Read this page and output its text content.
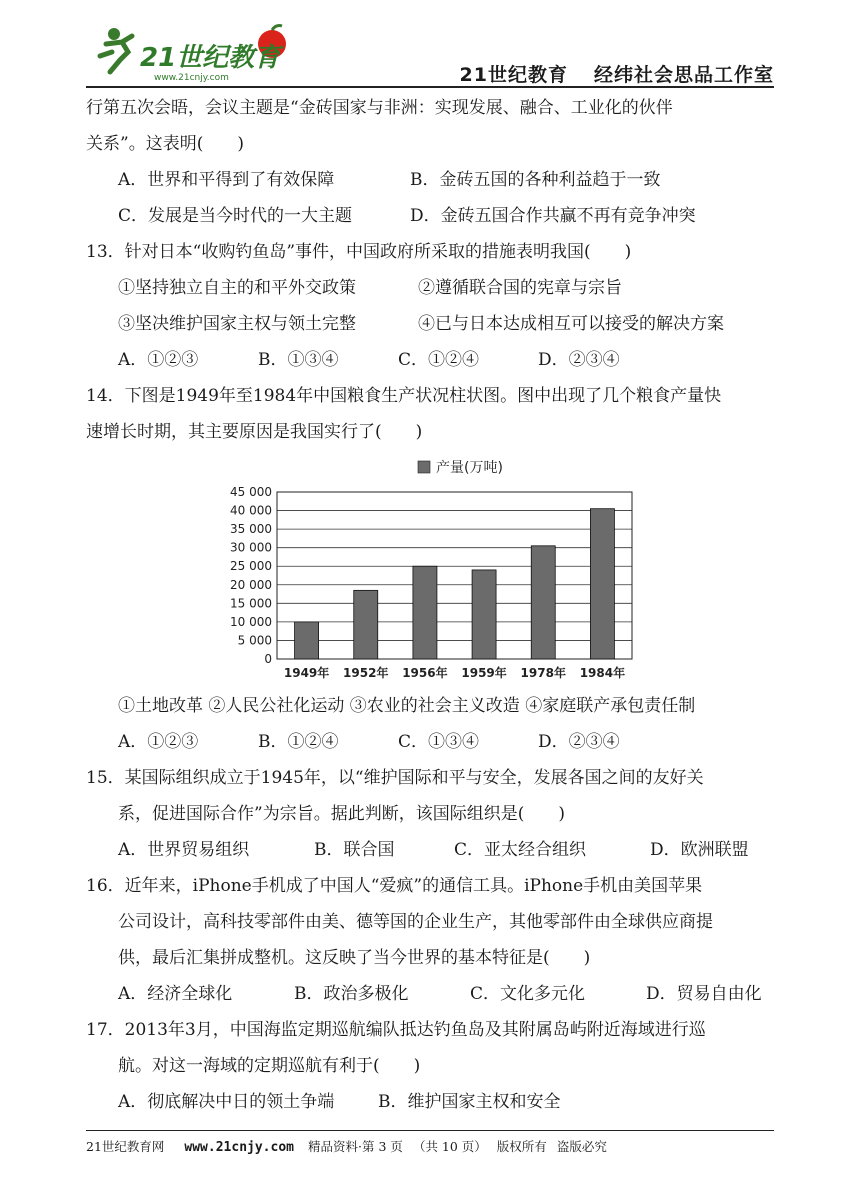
21世纪教育
www.21cnjy.com	21世纪教育 经纬社会思品工作室
行第五次会晤，会议主题是“金砖国家与非洲：实现发展、融合、工业化的伙伴
关系”。这表明(　　)
A．世界和平得到了有效保障	B．金砖五国的各种利益趋于一致
C．发展是当今时代的一大主题	D．金砖五国合作共赢不再有竞争冲突
13．针对日本“收购钓鱼岛”事件，中国政府所采取的措施表明我国(　　)
①坚持独立自主的和平外交政策	②遵循联合国的宪章与宗旨
③坚决维护国家主权与领土完整	④已与日本达成相互可以接受的解决方案
A．①②③	B．①③④	C．①②④	D．②③④
14．下图是1949年至1984年中国粮食生产状况柱状图。图中出现了几个粮食产量快
速增长时期，其主要原因是我国实行了(　　)
产量(万吨)
0
5 000
10 000
15 000
20 000
25 000
30 000
35 000
40 000
45 000
1949年 1952年 1956年 1959年 1978年 1984年
①土地改革 ②人民公社化运动 ③农业的社会主义改造 ④家庭联产承包责任制
A．①②③	B．①②④	C．①③④	D．②③④
15．某国际组织成立于1945年，以“维护国际和平与安全，发展各国之间的友好关
系，促进国际合作”为宗旨。据此判断，该国际组织是(　　)
A．世界贸易组织	B．联合国	C．亚太经合组织	D．欧洲联盟
16．近年来，iPhone手机成了中国人“爱疯”的通信工具。iPhone手机由美国苹果
公司设计，高科技零部件由美、德等国的企业生产，其他零部件由全球供应商提
供，最后汇集拼成整机。这反映了当今世界的基本特征是(　　)
A．经济全球化	B．政治多极化	C．文化多元化	D．贸易自由化
17．2013年3月，中国海监定期巡航编队抵达钓鱼岛及其附属岛屿附近海域进行巡
航。对这一海域的定期巡航有利于(　　)
A．彻底解决中日的领土争端	B．维护国家主权和安全
21世纪教育网 www.21cnjy.com 精品资料·第 3 页 （共 10 页） 版权所有 盗版必究
